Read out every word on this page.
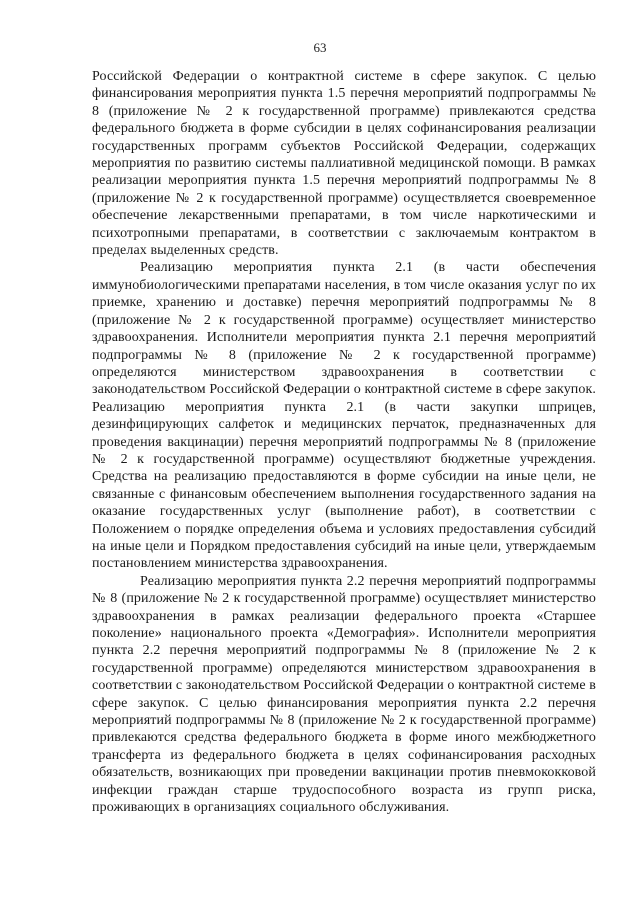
63

Российской Федерации о контрактной системе в сфере закупок. С целью финансирования мероприятия пункта 1.5 перечня мероприятий подпрограммы № 8 (приложение № 2 к государственной программе) привлекаются средства федерального бюджета в форме субсидии в целях софинансирования реализации государственных программ субъектов Российской Федерации, содержащих мероприятия по развитию системы паллиативной медицинской помощи. В рамках реализации мероприятия пункта 1.5 перечня мероприятий подпрограммы № 8 (приложение № 2 к государственной программе) осуществляется своевременное обеспечение лекарственными препаратами, в том числе наркотическими и психотропными препаратами, в соответствии с заключаемым контрактом в пределах выделенных средств.

Реализацию мероприятия пункта 2.1 (в части обеспечения иммунобиологическими препаратами населения, в том числе оказания услуг по их приемке, хранению и доставке) перечня мероприятий подпрограммы № 8 (приложение № 2 к государственной программе) осуществляет министерство здравоохранения. Исполнители мероприятия пункта 2.1 перечня мероприятий подпрограммы № 8 (приложение № 2 к государственной программе) определяются министерством здравоохранения в соответствии с законодательством Российской Федерации о контрактной системе в сфере закупок. Реализацию мероприятия пункта 2.1 (в части закупки шприцев, дезинфицирующих салфеток и медицинских перчаток, предназначенных для проведения вакцинации) перечня мероприятий подпрограммы № 8 (приложение № 2 к государственной программе) осуществляют бюджетные учреждения. Средства на реализацию предоставляются в форме субсидии на иные цели, не связанные с финансовым обеспечением выполнения государственного задания на оказание государственных услуг (выполнение работ), в соответствии с Положением о порядке определения объема и условиях предоставления субсидий на иные цели и Порядком предоставления субсидий на иные цели, утверждаемым постановлением министерства здравоохранения.

Реализацию мероприятия пункта 2.2 перечня мероприятий подпрограммы № 8 (приложение № 2 к государственной программе) осуществляет министерство здравоохранения в рамках реализации федерального проекта «Старшее поколение» национального проекта «Демография». Исполнители мероприятия пункта 2.2 перечня мероприятий подпрограммы № 8 (приложение № 2 к государственной программе) определяются министерством здравоохранения в соответствии с законодательством Российской Федерации о контрактной системе в сфере закупок. С целью финансирования мероприятия пункта 2.2 перечня мероприятий подпрограммы № 8 (приложение № 2 к государственной программе) привлекаются средства федерального бюджета в форме иного межбюджетного трансферта из федерального бюджета в целях софинансирования расходных обязательств, возникающих при проведении вакцинации против пневмококковой инфекции граждан старше трудоспособного возраста из групп риска, проживающих в организациях социального обслуживания.
